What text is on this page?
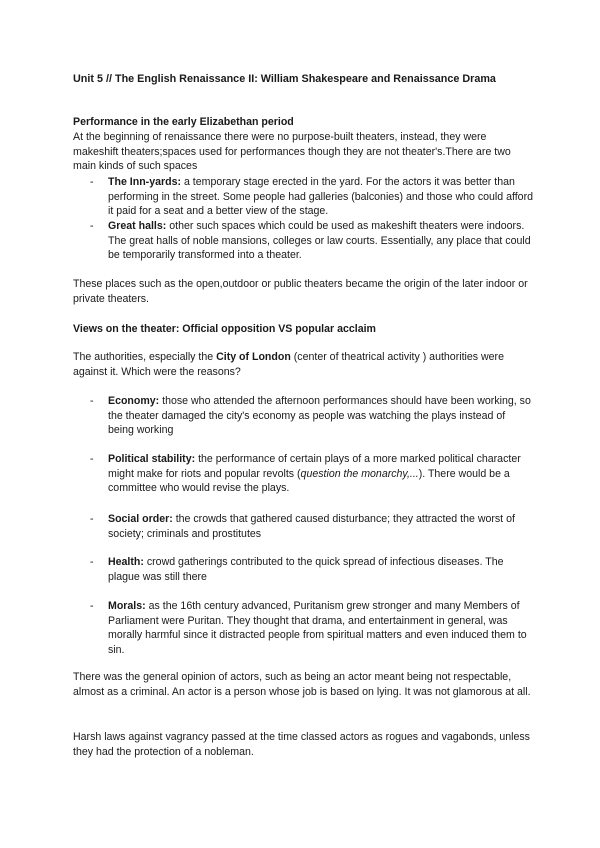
Unit 5 // The English Renaissance II: William Shakespeare and Renaissance Drama
Performance in the early Elizabethan period
At the beginning of renaissance there were no purpose-built theaters, instead, they were makeshift theaters;spaces used for performances though they are not theater's.There are two main kinds of such spaces
- The Inn-yards: a temporary stage erected in the yard. For the actors it was better than performing in the street. Some people had galleries (balconies) and those who could afford it paid for a seat and a better view of the stage.
- Great halls: other such spaces which could be used as makeshift theaters were indoors. The great halls of noble mansions, colleges or law courts. Essentially, any place that could be temporarily transformed into a theater.
These places such as the open,outdoor or public theaters became the origin of the later indoor or private theaters.
Views on the theater: Official opposition VS popular acclaim
The authorities, especially the City of London (center of theatrical activity ) authorities were against it. Which were the reasons?
- Economy: those who attended the afternoon performances should have been working, so the theater damaged the city's economy as people was watching the plays instead of being working
- Political stability: the performance of certain plays of a more marked political character might make for riots and popular revolts (question the monarchy,...). There would be a committee who would revise the plays.
- Social order: the crowds that gathered caused disturbance; they attracted the worst of society; criminals and prostitutes
- Health: crowd gatherings contributed to the quick spread of infectious diseases. The plague was still there
- Morals: as the 16th century advanced, Puritanism grew stronger and many Members of Parliament were Puritan. They thought that drama, and entertainment in general, was morally harmful since it distracted people from spiritual matters and even induced them to sin.
There was the general opinion of actors, such as being an actor meant being not respectable, almost as a criminal. An actor is a person whose job is based on lying. It was not glamorous at all.
Harsh laws against vagrancy passed at the time classed actors as rogues and vagabonds, unless they had the protection of a nobleman.
